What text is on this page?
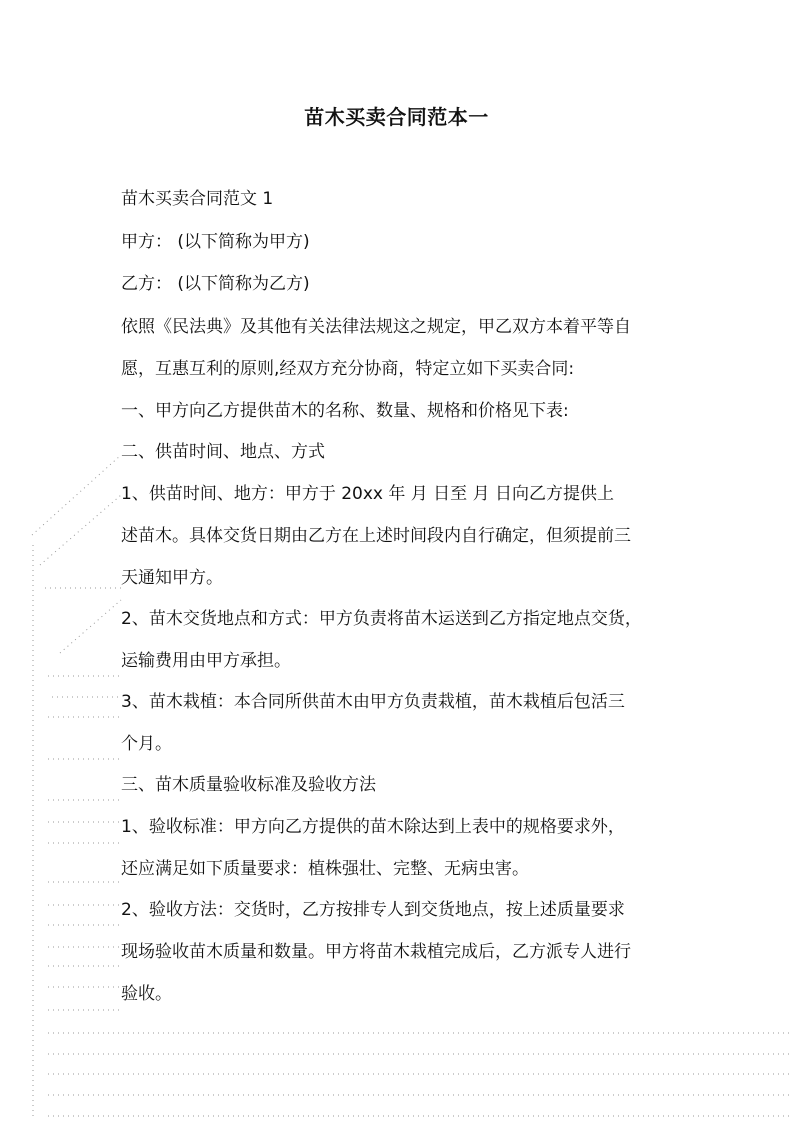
苗木买卖合同范本一
苗木买卖合同范文 1
甲方： (以下简称为甲方)
乙方： (以下简称为乙方)
依照《民法典》及其他有关法律法规这之规定，甲乙双方本着平等自
愿，互惠互利的原则,经双方充分协商，特定立如下买卖合同:
一、甲方向乙方提供苗木的名称、数量、规格和价格见下表:
二、供苗时间、地点、方式
1、供苗时间、地方：甲方于 20xx 年 月 日至 月 日向乙方提供上
述苗木。具体交货日期由乙方在上述时间段内自行确定，但须提前三
天通知甲方。
2、苗木交货地点和方式：甲方负责将苗木运送到乙方指定地点交货，
运输费用由甲方承担。
3、苗木栽植：本合同所供苗木由甲方负责栽植，苗木栽植后包活三
个月。
三、苗木质量验收标准及验收方法
1、验收标准：甲方向乙方提供的苗木除达到上表中的规格要求外，
还应满足如下质量要求：植株强壮、完整、无病虫害。
2、验收方法：交货时，乙方按排专人到交货地点，按上述质量要求
现场验收苗木质量和数量。甲方将苗木栽植完成后，乙方派专人进行
验收。
